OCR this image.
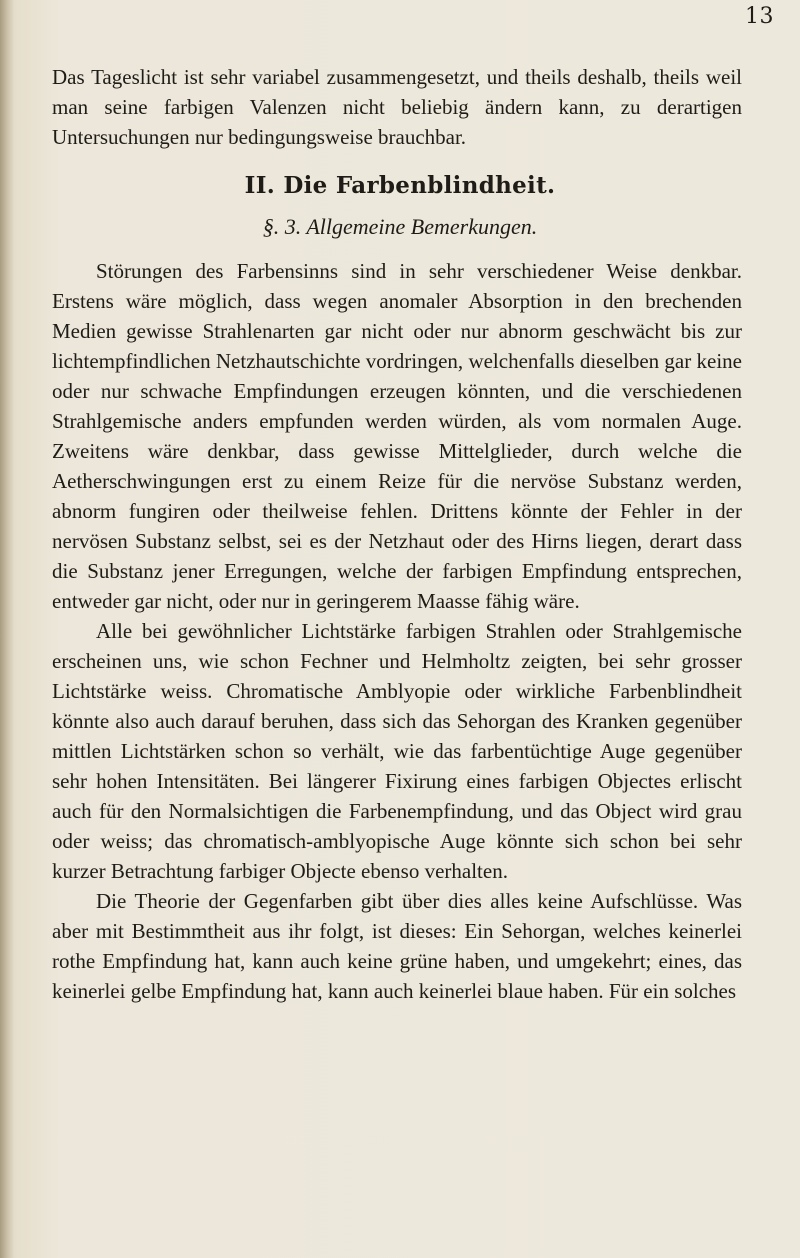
13

Das Tageslicht ist sehr variabel zusammengesetzt, und theils deshalb, theils weil man seine farbigen Valenzen nicht beliebig ändern kann, zu derartigen Untersuchungen nur bedingungsweise brauchbar.

II. Die Farbenblindheit.
§. 3. Allgemeine Bemerkungen.

Störungen des Farbensinns sind in sehr verschiedener Weise denkbar. Erstens wäre möglich, dass wegen anomaler Absorption in den brechenden Medien gewisse Strahlenarten gar nicht oder nur abnorm geschwächt bis zur lichtempfindlichen Netzhautschichte vordringen, welchenfalls dieselben gar keine oder nur schwache Empfindungen erzeugen könnten, und die verschiedenen Strahlgemische anders empfunden werden würden, als vom normalen Auge. Zweitens wäre denkbar, dass gewisse Mittelglieder, durch welche die Aetherschwingungen erst zu einem Reize für die nervöse Substanz werden, abnorm fungiren oder theilweise fehlen. Drittens könnte der Fehler in der nervösen Substanz selbst, sei es der Netzhaut oder des Hirns liegen, derart dass die Substanz jener Erregungen, welche der farbigen Empfindung entsprechen, entweder gar nicht, oder nur in geringerem Maasse fähig wäre.

Alle bei gewöhnlicher Lichtstärke farbigen Strahlen oder Strahlgemische erscheinen uns, wie schon Fechner und Helmholtz zeigten, bei sehr grosser Lichtstärke weiss. Chromatische Amblyopie oder wirkliche Farbenblindheit könnte also auch darauf beruhen, dass sich das Sehorgan des Kranken gegenüber mittlen Lichtstärken schon so verhält, wie das farbentüchtige Auge gegenüber sehr hohen Intensitäten. Bei längerer Fixirung eines farbigen Objectes erlischt auch für den Normalsichtigen die Farbenempfindung, und das Object wird grau oder weiss; das chromatisch-amblyopische Auge könnte sich schon bei sehr kurzer Betrachtung farbiger Objecte ebenso verhalten.

Die Theorie der Gegenfarben gibt über dies alles keine Aufschlüsse. Was aber mit Bestimmtheit aus ihr folgt, ist dieses: Ein Sehorgan, welches keinerlei rothe Empfindung hat, kann auch keine grüne haben, und umgekehrt; eines, das keinerlei gelbe Empfindung hat, kann auch keinerlei blaue haben. Für ein solches
